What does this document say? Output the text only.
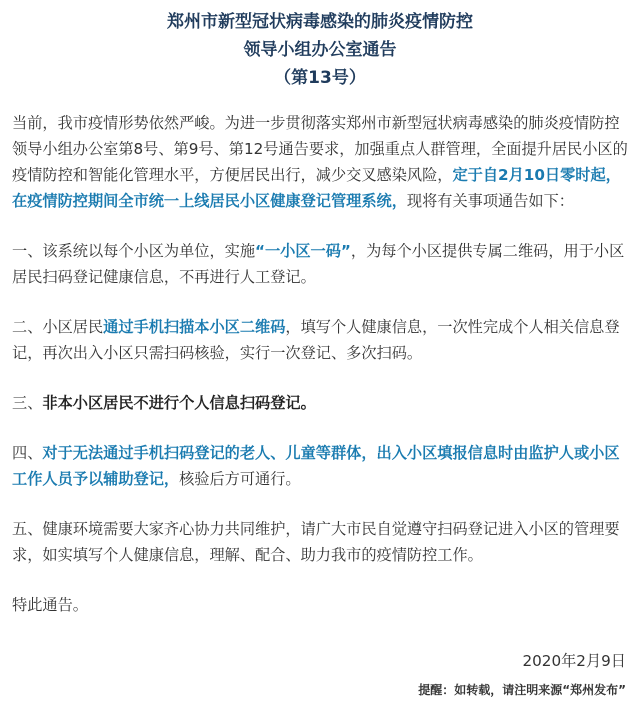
郑州市新型冠状病毒感染的肺炎疫情防控
领导小组办公室通告
（第13号）

当前，我市疫情形势依然严峻。为进一步贯彻落实郑州市新型冠状病毒感染的肺炎疫情防控领导小组办公室第8号、第9号、第12号通告要求，加强重点人群管理，全面提升居民小区的疫情防控和智能化管理水平，方便居民出行，减少交叉感染风险，定于自2月10日零时起，在疫情防控期间全市统一上线居民小区健康登记管理系统，现将有关事项通告如下：

一、该系统以每个小区为单位，实施“一小区一码”，为每个小区提供专属二维码，用于小区居民扫码登记健康信息，不再进行人工登记。

二、小区居民通过手机扫描本小区二维码，填写个人健康信息，一次性完成个人相关信息登记，再次出入小区只需扫码核验，实行一次登记、多次扫码。

三、非本小区居民不进行个人信息扫码登记。

四、对于无法通过手机扫码登记的老人、儿童等群体，出入小区填报信息时由监护人或小区工作人员予以辅助登记，核验后方可通行。

五、健康环境需要大家齐心协力共同维护，请广大市民自觉遵守扫码登记进入小区的管理要求，如实填写个人健康信息，理解、配合、助力我市的疫情防控工作。

特此通告。

2020年2月9日
提醒：如转载，请注明来源“郑州发布”
